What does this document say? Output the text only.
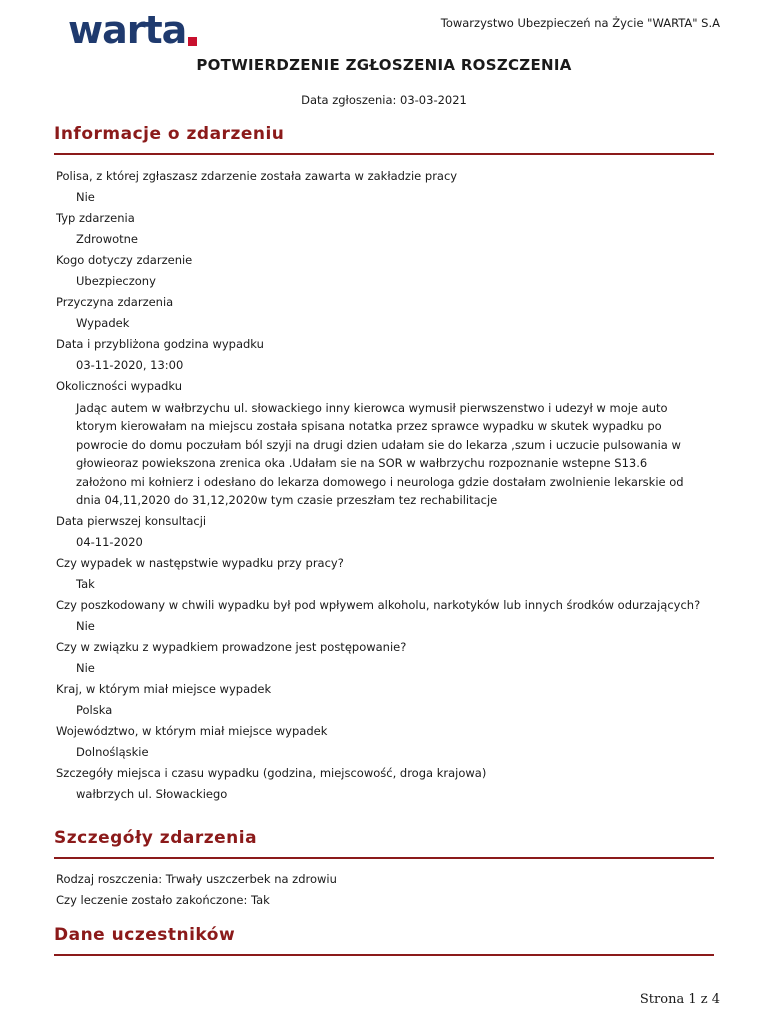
warta	Towarzystwo Ubezpieczeń na Życie "WARTA" S.A
POTWIERDZENIE ZGŁOSZENIA ROSZCZENIA
Data zgłoszenia: 03-03-2021
Informacje o zdarzeniu

Polisa, z której zgłaszasz zdarzenie została zawarta w zakładzie pracy

Nie

Typ zdarzenia

Zdrowotne

Kogo dotyczy zdarzenie

Ubezpieczony

Przyczyna zdarzenia

Wypadek

Data i przybliżona godzina wypadku

03-11-2020, 13:00

Okoliczności wypadku

Jadąc autem w wałbrzychu ul. słowackiego inny kierowca wymusił pierwszenstwo i udezył w moje auto ktorym kierowałam na miejscu została spisana notatka przez sprawce wypadku w skutek wypadku po powrocie do domu poczułam ból szyji na drugi dzien udałam sie do lekarza ,szum i uczucie pulsowania w głowieoraz powiekszona zrenica oka .Udałam sie na SOR w wałbrzychu rozpoznanie wstepne S13.6 założono mi kołnierz i odesłano do lekarza domowego i neurologa gdzie dostałam zwolnienie lekarskie od dnia 04,11,2020 do 31,12,2020w tym czasie przeszłam tez rechabilitacje

Data pierwszej konsultacji

04-11-2020

Czy wypadek w następstwie wypadku przy pracy?

Tak

Czy poszkodowany w chwili wypadku był pod wpływem alkoholu, narkotyków lub innych środków odurzających?

Nie

Czy w związku z wypadkiem prowadzone jest postępowanie?

Nie

Kraj, w którym miał miejsce wypadek

Polska

Województwo, w którym miał miejsce wypadek

Dolnośląskie

Szczegóły miejsca i czasu wypadku (godzina, miejscowość, droga krajowa)

wałbrzych ul. Słowackiego

Szczegóły zdarzenia

Rodzaj roszczenia: Trwały uszczerbek na zdrowiu

Czy leczenie zostało zakończone: Tak

Dane uczestników
Strona 1 z 4
